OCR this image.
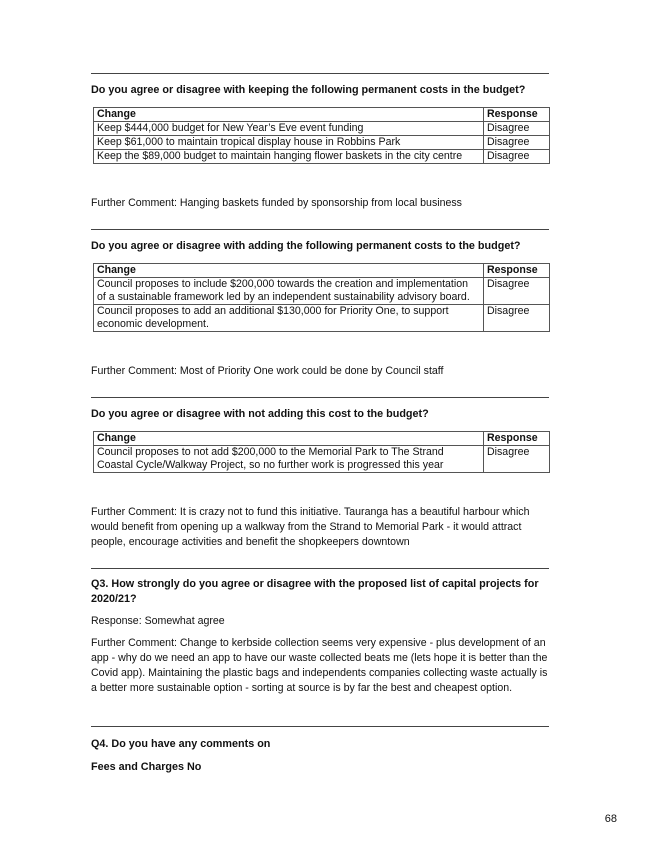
Do you agree or disagree with keeping the following permanent costs in the budget?
Change	Response
Keep $444,000 budget for New Year’s Eve event funding	Disagree
Keep $61,000 to maintain tropical display house in Robbins Park	Disagree
Keep the $89,000 budget to maintain hanging flower baskets in the city centre	Disagree
Further Comment: Hanging baskets funded by sponsorship from local business
Do you agree or disagree with adding the following permanent costs to the budget?
Change	Response
Council proposes to include $200,000 towards the creation and implementation of a sustainable framework led by an independent sustainability advisory board.	Disagree
Council proposes to add an additional $130,000 for Priority One, to support economic development.	Disagree
Further Comment: Most of Priority One work could be done by Council staff
Do you agree or disagree with not adding this cost to the budget?
Change	Response
Council proposes to not add $200,000 to the Memorial Park to The Strand Coastal Cycle/Walkway Project, so no further work is progressed this year	Disagree
Further Comment: It is crazy not to fund this initiative. Tauranga has a beautiful harbour which would benefit from opening up a walkway from the Strand to Memorial Park - it would attract people, encourage activities and benefit the shopkeepers downtown
Q3. How strongly do you agree or disagree with the proposed list of capital projects for 2020/21?
Response: Somewhat agree
Further Comment: Change to kerbside collection seems very expensive - plus development of an app - why do we need an app to have our waste collected beats me (lets hope it is better than the Covid app). Maintaining the plastic bags and independents companies collecting waste actually is a better more sustainable option - sorting at source is by far the best and cheapest option.
Q4. Do you have any comments on
Fees and Charges No
68
